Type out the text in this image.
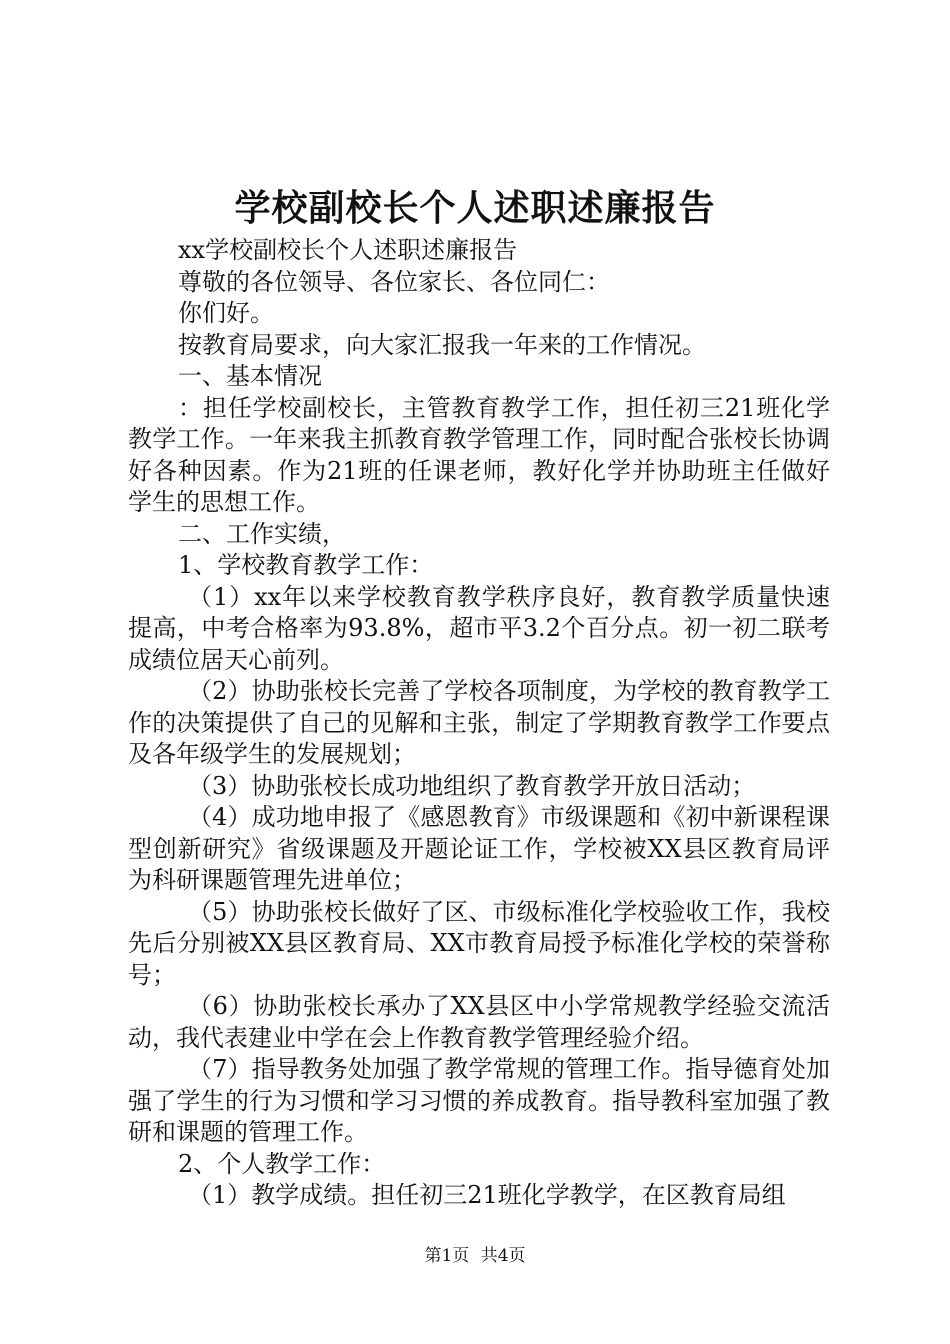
学校副校长个人述职述廉报告

xx学校副校长个人述职述廉报告

尊敬的各位领导、各位家长、各位同仁：

你们好。

按教育局要求，向大家汇报我一年来的工作情况。

一、基本情况

：担任学校副校长，主管教育教学工作，担任初三21班化学教学工作。一年来我主抓教育教学管理工作，同时配合张校长协调好各种因素。作为21班的任课老师，教好化学并协助班主任做好学生的思想工作。

二、工作实绩，

1、学校教育教学工作：

（1）xx年以来学校教育教学秩序良好，教育教学质量快速提高，中考合格率为93.8%，超市平3.2个百分点。初一初二联考成绩位居天心前列。

（2）协助张校长完善了学校各项制度，为学校的教育教学工作的决策提供了自己的见解和主张，制定了学期教育教学工作要点及各年级学生的发展规划；

（3）协助张校长成功地组织了教育教学开放日活动；

（4）成功地申报了《感恩教育》市级课题和《初中新课程课型创新研究》省级课题及开题论证工作，学校被XX县区教育局评为科研课题管理先进单位；

（5）协助张校长做好了区、市级标准化学校验收工作，我校先后分别被XX县区教育局、XX市教育局授予标准化学校的荣誉称号；

（6）协助张校长承办了XX县区中小学常规教学经验交流活动，我代表建业中学在会上作教育教学管理经验介绍。

（7）指导教务处加强了教学常规的管理工作。指导德育处加强了学生的行为习惯和学习习惯的养成教育。指导教科室加强了教研和课题的管理工作。

2、个人教学工作：

（1）教学成绩。担任初三21班化学教学，在区教育局组

第1页 共4页
